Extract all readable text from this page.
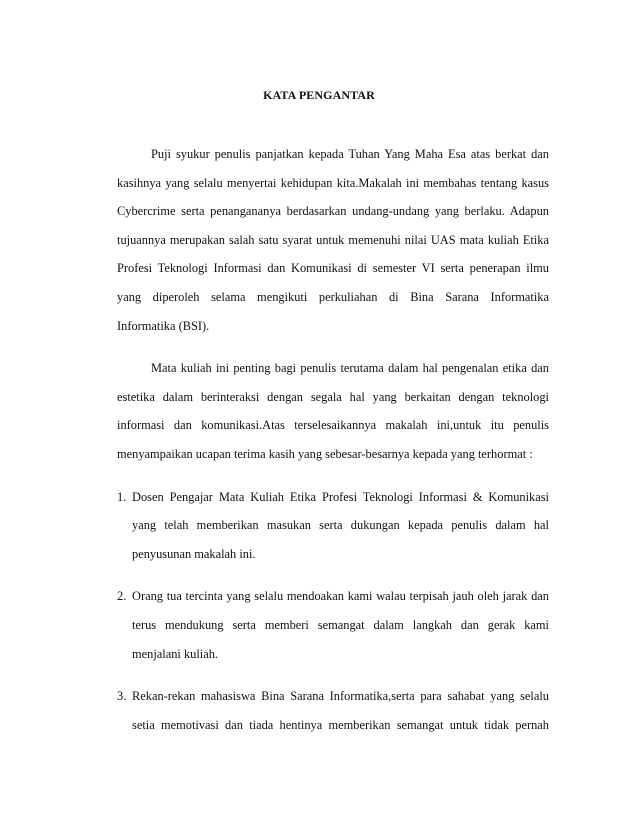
KATA PENGANTAR

Puji syukur penulis panjatkan kepada Tuhan Yang Maha Esa atas berkat dan
kasihnya yang selalu menyertai kehidupan kita.Makalah ini membahas tentang kasus
Cybercrime serta penangananya berdasarkan undang-undang yang berlaku. Adapun
tujuannya merupakan salah satu syarat untuk memenuhi nilai UAS mata kuliah Etika
Profesi Teknologi Informasi dan Komunikasi di semester VI serta penerapan ilmu
yang diperoleh selama mengikuti perkuliahan di Bina Sarana Informatika
Informatika (BSI).

Mata kuliah ini penting bagi penulis terutama dalam hal pengenalan etika dan
estetika dalam berinteraksi dengan segala hal yang berkaitan dengan teknologi
informasi dan komunikasi.Atas terselesaikannya makalah ini,untuk itu penulis
menyampaikan ucapan terima kasih yang sebesar-besarnya kepada yang terhormat :

1. Dosen Pengajar Mata Kuliah Etika Profesi Teknologi Informasi & Komunikasi
yang telah memberikan masukan serta dukungan kepada penulis dalam hal
penyusunan makalah ini.
2. Orang tua tercinta yang selalu mendoakan kami walau terpisah jauh oleh jarak dan
terus mendukung serta memberi semangat dalam langkah dan gerak kami
menjalani kuliah.
3. Rekan-rekan mahasiswa Bina Sarana Informatika,serta para sahabat yang selalu
setia memotivasi dan tiada hentinya memberikan semangat untuk tidak pernah
